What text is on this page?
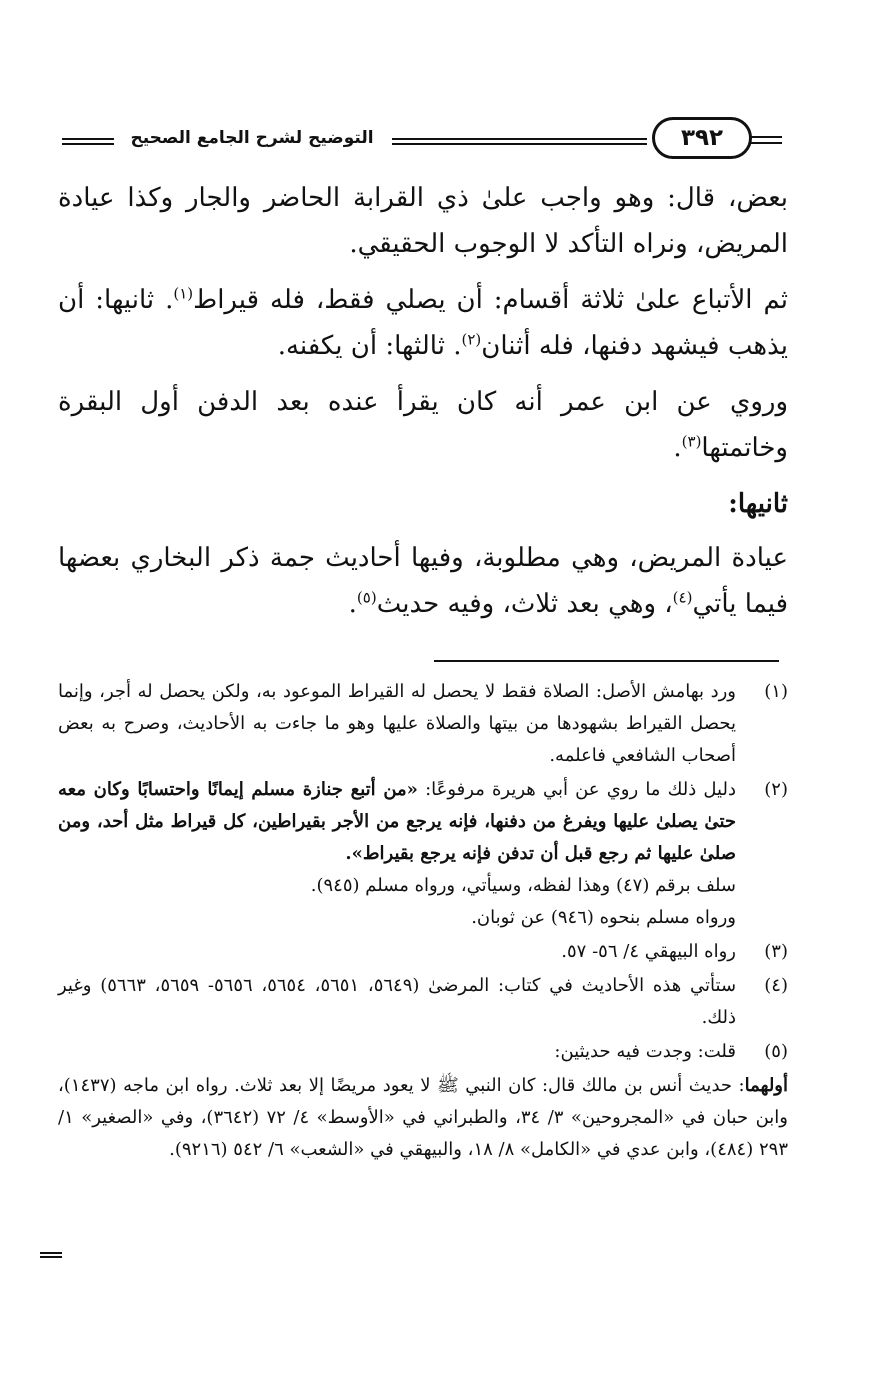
التوضيح لشرح الجامع الصحيح	٣٩٢

بعض، قال: وهو واجب علىٰ ذي القرابة الحاضر والجار وكذا عيادة المريض، ونراه التأكد لا الوجوب الحقيقي.

ثم الأتباع علىٰ ثلاثة أقسام: أن يصلي فقط، فله قيراط$^{(١)}$. ثانيها: أن يذهب فيشهد دفنها، فله أثنان$^{(٢)}$. ثالثها: أن يكفنه.

وروي عن ابن عمر أنه كان يقرأ عنده بعد الدفن أول البقرة وخاتمتها$^{(٣)}$.

ثانيها:

عيادة المريض، وهي مطلوبة، وفيها أحاديث جمة ذكر البخاري بعضها فيما يأتي$^{(٤)}$، وهي بعد ثلاث، وفيه حديث$^{(٥)}$.

(١)
ورد بهامش الأصل: الصلاة فقط لا يحصل له القيراط الموعود به، ولكن يحصل له أجر، وإنما يحصل القيراط بشهودها من بيتها والصلاة عليها وهو ما جاءت به الأحاديث، وصرح به بعض أصحاب الشافعي فاعلمه.
(٢)
دليل ذلك ما روي عن أبي هريرة مرفوعًا: «من أتبع جنازة مسلم إيمانًا واحتسابًا وكان معه حتىٰ يصلىٰ عليها ويفرغ من دفنها، فإنه يرجع من الأجر بقيراطين، كل قيراط مثل أحد، ومن صلىٰ عليها ثم رجع قبل أن تدفن فإنه يرجع بقيراط».
سلف برقم (٤٧) وهذا لفظه، وسيأتي، ورواه مسلم (٩٤٥).
ورواه مسلم بنحوه (٩٤٦) عن ثوبان.
(٣)
رواه البيهقي ٤/ ٥٦- ٥٧.
(٤)
ستأتي هذه الأحاديث في كتاب: المرضىٰ (٥٦٤٩، ٥٦٥١، ٥٦٥٤، ٥٦٥٦- ٥٦٥٩، ٥٦٦٣) وغير ذلك.
(٥)
قلت: وجدت فيه حديثين:

أولهما: حديث أنس بن مالك قال: كان النبي ﷺ لا يعود مريضًا إلا بعد ثلاث. رواه ابن ماجه (١٤٣٧)، وابن حبان في «المجروحين» ٣/ ٣٤، والطبراني في «الأوسط» ٤/ ٧٢ (٣٦٤٢)، وفي «الصغير» ١/ ٢٩٣ (٤٨٤)، وابن عدي في «الكامل» ٨/ ١٨، والبيهقي في «الشعب» ٦/ ٥٤٢ (٩٢١٦).
